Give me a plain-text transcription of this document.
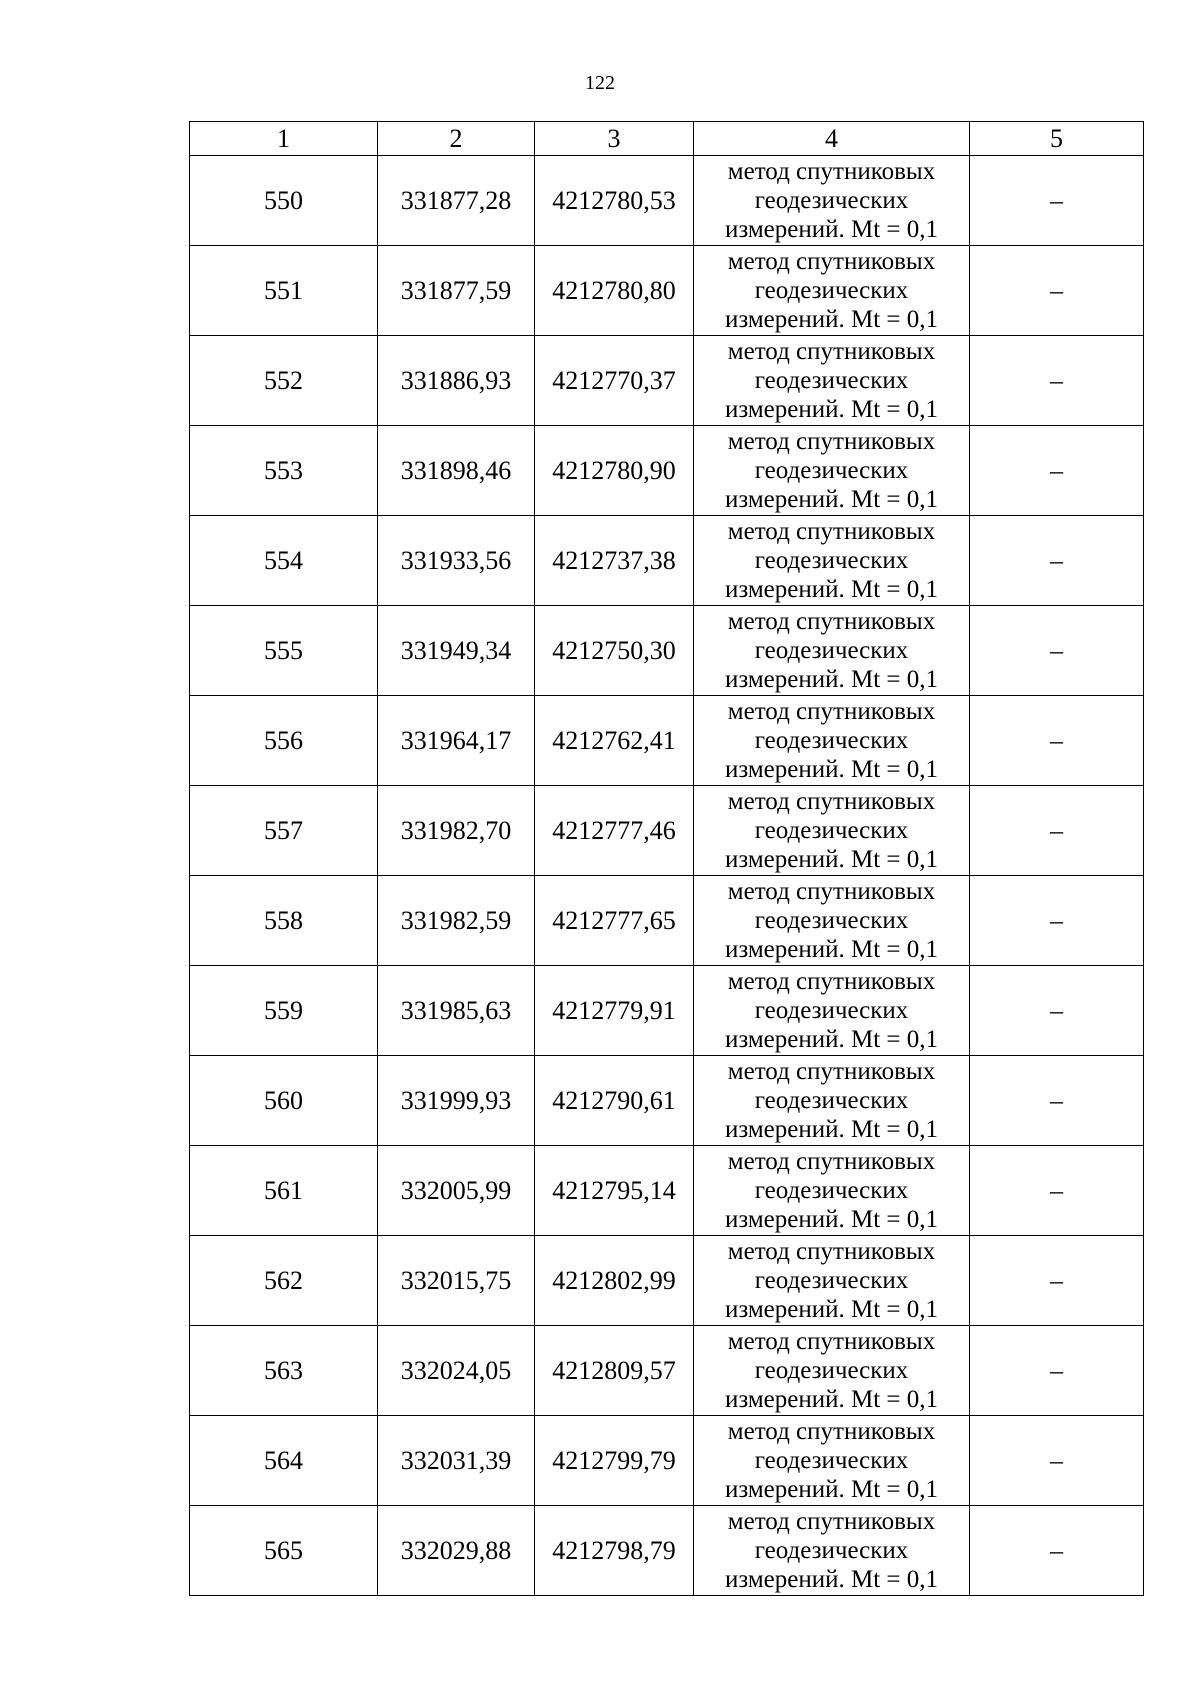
122
1	2	3	4	5
550	331877,28	4212780,53	метод спутниковых
геодезических
измерений. Mt = 0,1	–
551	331877,59	4212780,80	метод спутниковых
геодезических
измерений. Mt = 0,1	–
552	331886,93	4212770,37	метод спутниковых
геодезических
измерений. Mt = 0,1	–
553	331898,46	4212780,90	метод спутниковых
геодезических
измерений. Mt = 0,1	–
554	331933,56	4212737,38	метод спутниковых
геодезических
измерений. Mt = 0,1	–
555	331949,34	4212750,30	метод спутниковых
геодезических
измерений. Mt = 0,1	–
556	331964,17	4212762,41	метод спутниковых
геодезических
измерений. Mt = 0,1	–
557	331982,70	4212777,46	метод спутниковых
геодезических
измерений. Mt = 0,1	–
558	331982,59	4212777,65	метод спутниковых
геодезических
измерений. Mt = 0,1	–
559	331985,63	4212779,91	метод спутниковых
геодезических
измерений. Mt = 0,1	–
560	331999,93	4212790,61	метод спутниковых
геодезических
измерений. Mt = 0,1	–
561	332005,99	4212795,14	метод спутниковых
геодезических
измерений. Mt = 0,1	–
562	332015,75	4212802,99	метод спутниковых
геодезических
измерений. Mt = 0,1	–
563	332024,05	4212809,57	метод спутниковых
геодезических
измерений. Mt = 0,1	–
564	332031,39	4212799,79	метод спутниковых
геодезических
измерений. Mt = 0,1	–
565	332029,88	4212798,79	метод спутниковых
геодезических
измерений. Mt = 0,1	–
